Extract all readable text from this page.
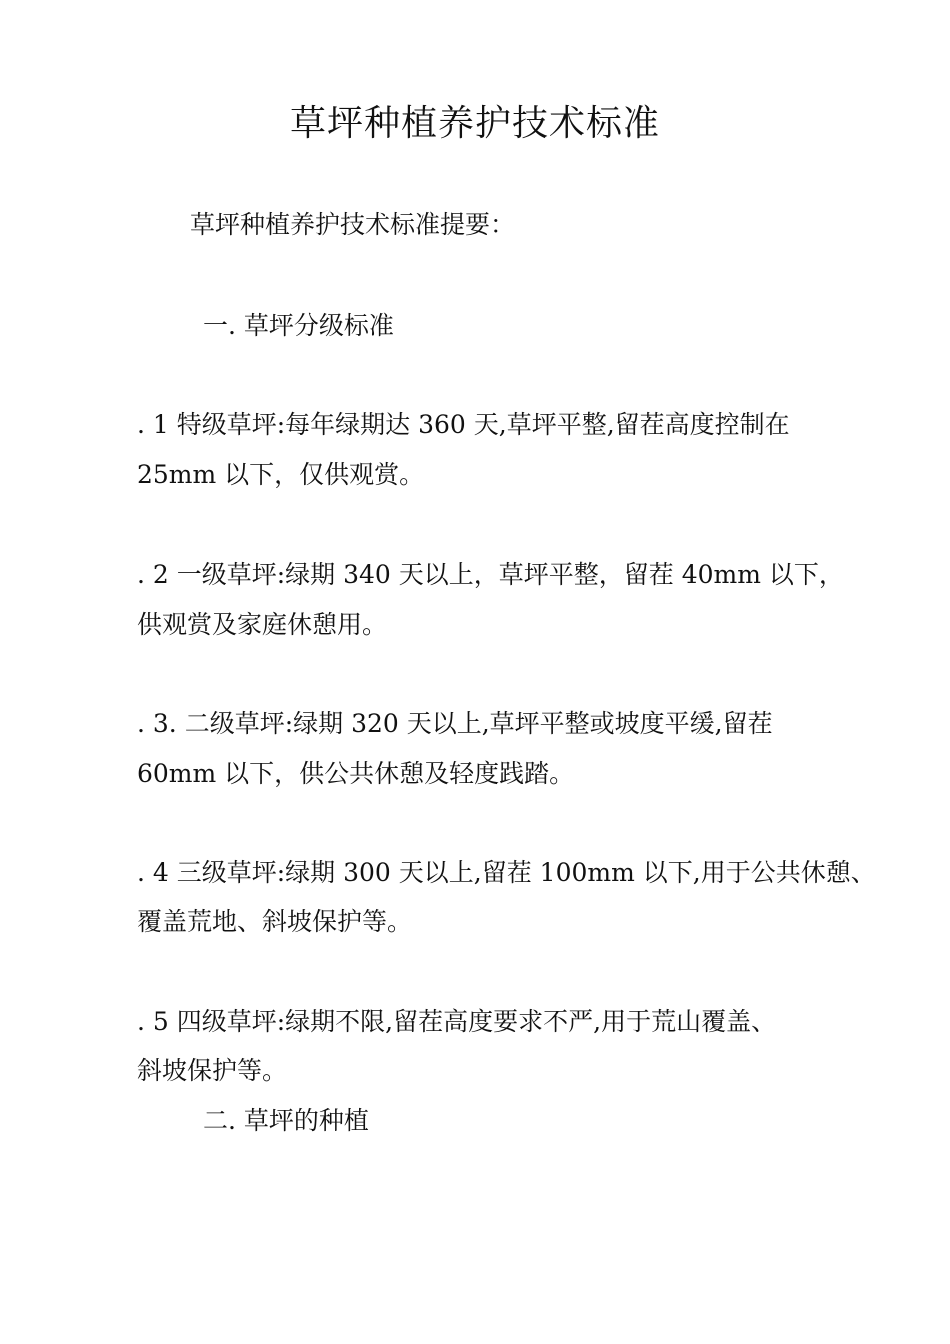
草坪种植养护技术标准
草坪种植养护技术标准提要：
一. 草坪分级标准
. 1 特级草坪:每年绿期达 360 天,草坪平整,留茬高度控制在
25mm 以下，仅供观赏。
. 2 一级草坪:绿期 340 天以上，草坪平整，留茬 40mm 以下，
供观赏及家庭休憩用。
. 3. 二级草坪:绿期 320 天以上,草坪平整或坡度平缓,留茬
60mm 以下，供公共休憩及轻度践踏。
. 4 三级草坪:绿期 300 天以上,留茬 100mm 以下,用于公共休憩、
覆盖荒地、斜坡保护等。
. 5 四级草坪:绿期不限,留茬高度要求不严,用于荒山覆盖、
斜坡保护等。
二. 草坪的种植
